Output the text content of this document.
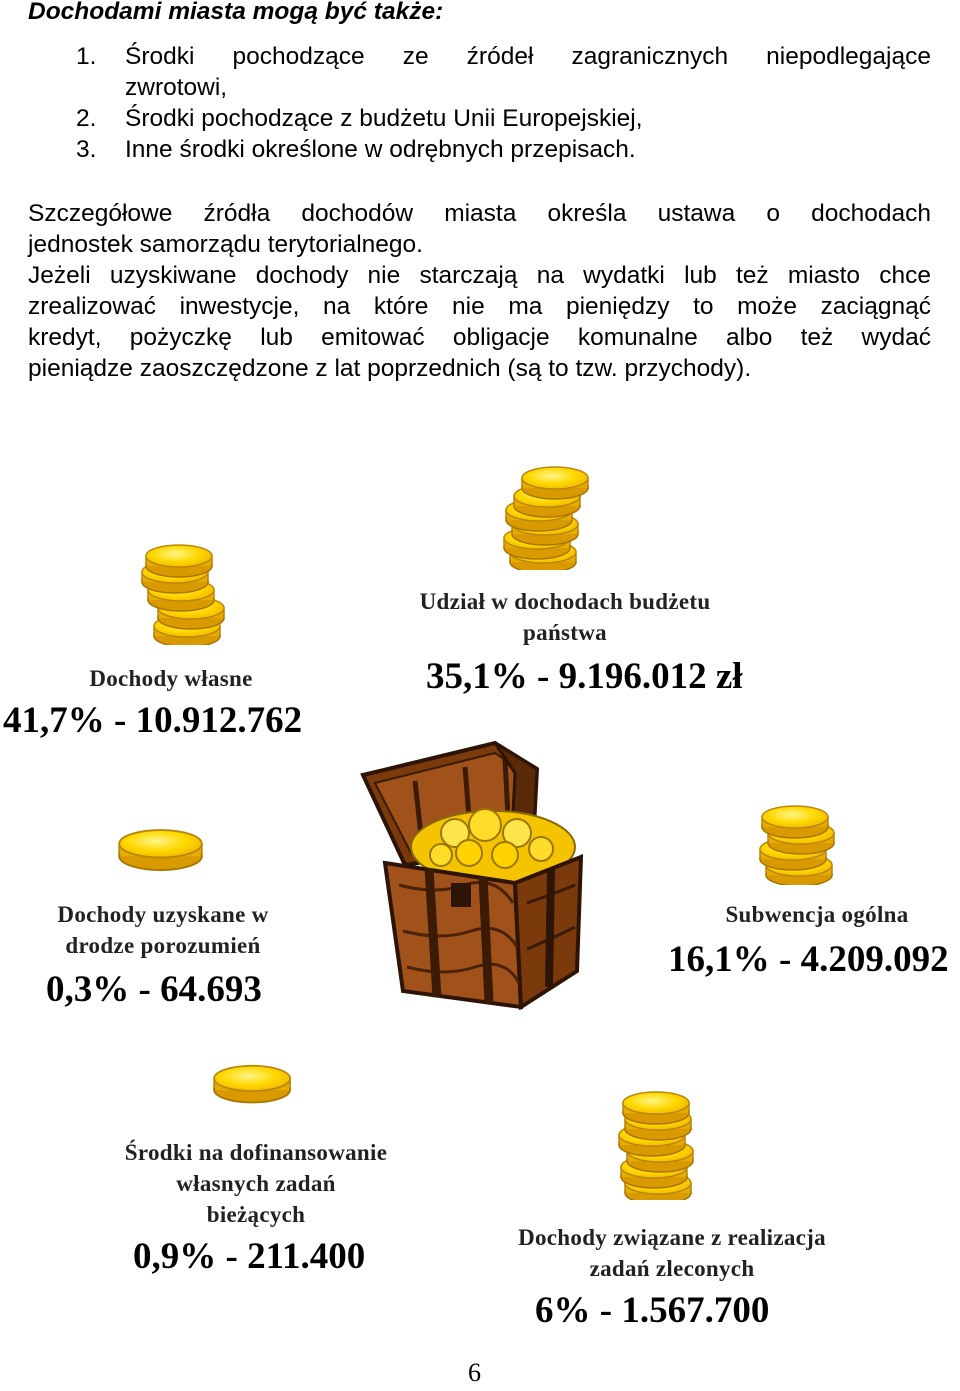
Dochodami miasta mogą być także:
1. Środki pochodzące ze źródeł zagranicznych niepodlegające
zwrotowi,
2. Środki pochodzące z budżetu Unii Europejskiej,
3. Inne środki określone w odrębnych przepisach.
Szczegółowe źródła dochodów miasta określa ustawa o dochodach
jednostek samorządu terytorialnego.
Jeżeli uzyskiwane dochody nie starczają na wydatki lub też miasto chce
zrealizować inwestycje, na które nie ma pieniędzy to może zaciągnąć
kredyt, pożyczkę lub emitować obligacje komunalne albo też wydać
pieniądze zaoszczędzone z lat poprzednich (są to tzw. przychody).
Dochody własne
41,7% - 10.912.762
Udział w dochodach budżetu
państwa
35,1% - 9.196.012 zł
Dochody uzyskane w
drodze porozumień
0,3% - 64.693
Subwencja ogólna
16,1% - 4.209.092
Środki na dofinansowanie
własnych zadań
bieżących
0,9% - 211.400	Dochody związane z realizacja
zadań zleconych
6% - 1.567.700
6
